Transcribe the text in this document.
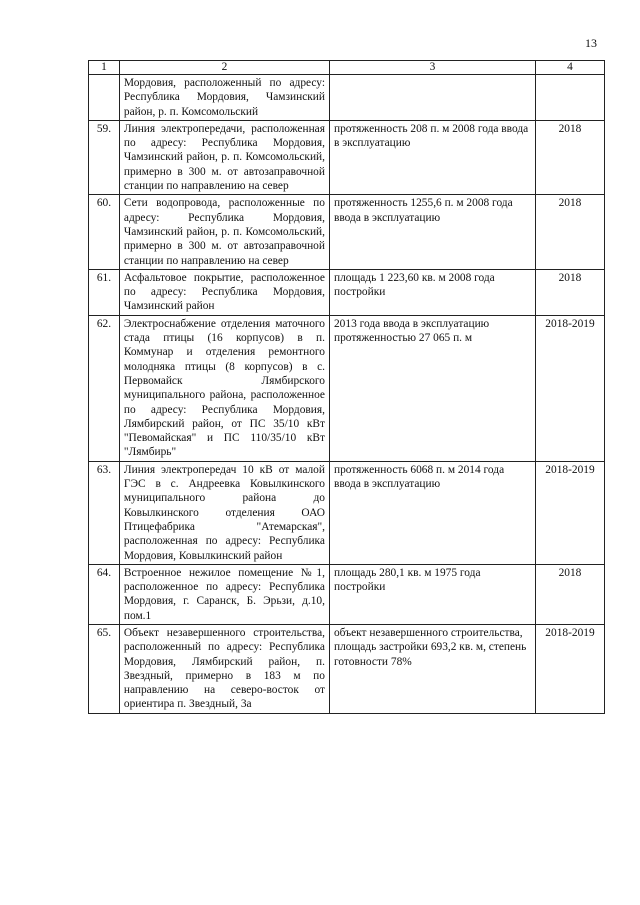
13
1	2	3	4
	Мордовия, расположенный по адресу: Республика Мордовия, Чамзинский район, р. п. Комсомольский		
59.	Линия электропередачи, расположенная по адресу: Республика Мордовия, Чамзинский район, р. п. Комсомольский, примерно в 300 м. от автозаправочной станции по направлению на север	протяженность 208 п. м 2008 года ввода в эксплуатацию	2018
60.	Сети водопровода, расположенные по адресу: Республика Мордовия, Чамзинский район, р. п. Комсомольский, примерно в 300 м. от автозаправочной станции по направлению на север	протяженность 1255,6 п. м 2008 года ввода в эксплуатацию	2018
61.	Асфальтовое покрытие, расположенное по адресу: Республика Мордовия, Чамзинский район	площадь 1 223,60 кв. м 2008 года постройки	2018
62.	Электроснабжение отделения маточного стада птицы (16 корпусов) в п. Коммунар и отделения ремонтного молодняка птицы (8 корпусов) в с. Первомайск Лямбирского муниципального района, расположенное по адресу: Республика Мордовия, Лямбирский район, от ПС 35/10 кВт "Певомайская" и ПС 110/35/10 кВт "Лямбирь"	2013 года ввода в эксплуатацию протяженностью 27 065 п. м	2018-2019
63.	Линия электропередач 10 кВ от малой ГЭС в с. Андреевка Ковылкинского муниципального района до Ковылкинского отделения ОАО Птицефабрика "Атемарская", расположенная по адресу: Республика Мордовия, Ковылкинский район	протяженность 6068 п. м 2014 года ввода в эксплуатацию	2018-2019
64.	Встроенное нежилое помещение №1, расположенное по адресу: Республика Мордовия, г. Саранск, Б. Эрьзи, д.10, пом.1	площадь 280,1 кв. м 1975 года постройки	2018
65.	Объект незавершенного строительства, расположенный по адресу: Республика Мордовия, Лямбирский район, п. Звездный, примерно в 183 м по направлению на северо-восток от ориентира п. Звездный, 3а	объект незавершенного строительства, площадь застройки 693,2 кв. м, степень готовности 78%	2018-2019
